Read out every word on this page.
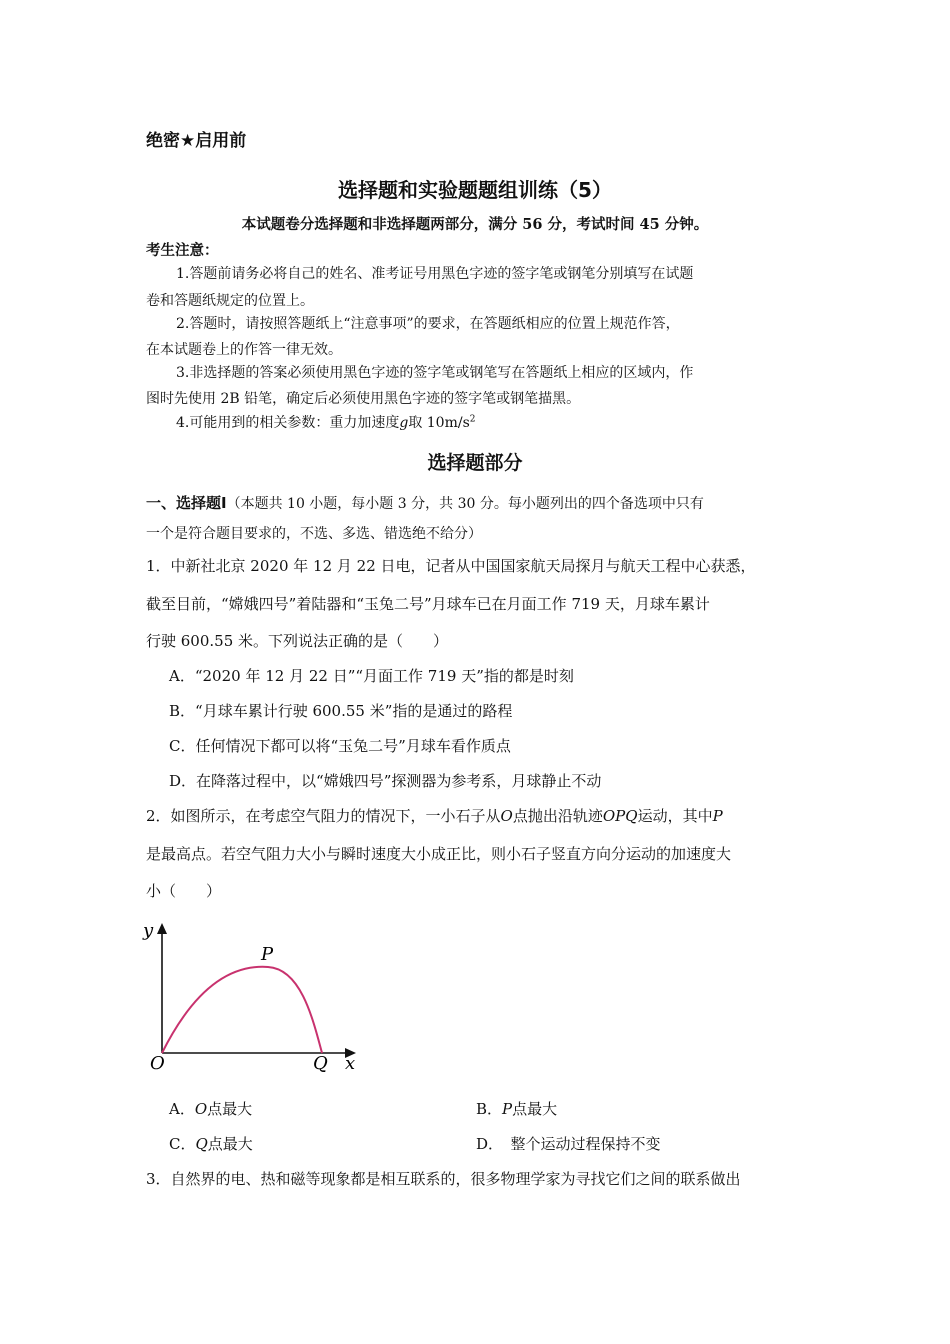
绝密★启用前
选择题和实验题题组训练（5）
本试题卷分选择题和非选择题两部分，满分 56 分，考试时间 45 分钟。
考生注意：
1.答题前请务必将自己的姓名、准考证号用黑色字迹的签字笔或钢笔分别填写在试题
卷和答题纸规定的位置上。
2.答题时，请按照答题纸上“注意事项”的要求，在答题纸相应的位置上规范作答，
在本试题卷上的作答一律无效。
3.非选择题的答案必须使用黑色字迹的签字笔或钢笔写在答题纸上相应的区域内，作
图时先使用 2B 铅笔，确定后必须使用黑色字迹的签字笔或钢笔描黑。
4.可能用到的相关参数：重力加速度g取 $10m/s^2$
选择题部分
一、选择题Ⅰ（本题共 10 小题，每小题 3 分，共 30 分。每小题列出的四个备选项中只有
一个是符合题目要求的，不选、多选、错选绝不给分）
1．中新社北京 2020 年 12 月 22 日电，记者从中国国家航天局探月与航天工程中心获悉，
截至目前，“嫦娥四号”着陆器和“玉兔二号”月球车已在月面工作 719 天，月球车累计
行驶 600.55 米。下列说法正确的是（　　）
A．“2020 年 12 月 22 日”“月面工作 719 天”指的都是时刻
B．“月球车累计行驶 600.55 米”指的是通过的路程
C．任何情况下都可以将“玉兔二号”月球车看作质点
D．在降落过程中，以“嫦娥四号”探测器为参考系，月球静止不动
2．如图所示，在考虑空气阻力的情况下，一小石子从O点抛出沿轨迹OPQ运动，其中P
是最高点。若空气阻力大小与瞬时速度大小成正比，则小石子竖直方向分运动的加速度大
小（　　）
y
x
O
P
Q
A．O点最大	B．P点最大
C．Q点最大	D．　整个运动过程保持不变
3．自然界的电、热和磁等现象都是相互联系的，很多物理学家为寻找它们之间的联系做出
